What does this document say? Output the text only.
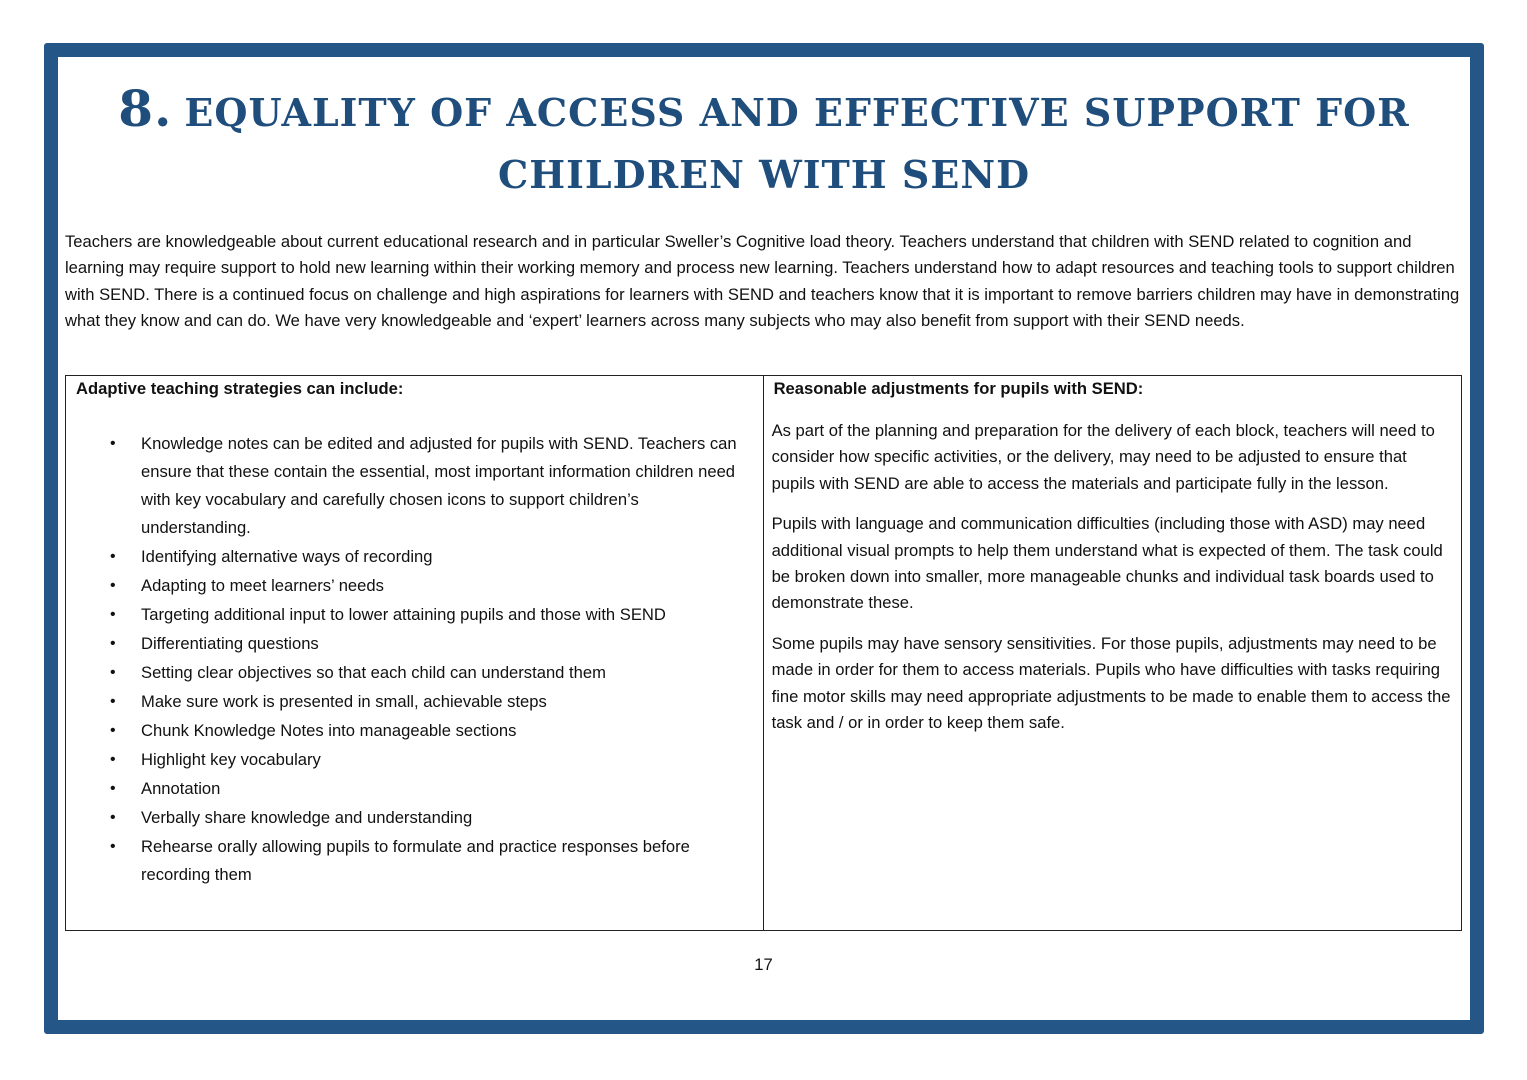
8. EQUALITY OF ACCESS AND EFFECTIVE SUPPORT FOR
CHILDREN WITH SEND
Teachers are knowledgeable about current educational research and in particular Sweller’s Cognitive load theory. Teachers understand that children with SEND related to cognition and learning may require support to hold new learning within their working memory and process new learning. Teachers understand how to adapt resources and teaching tools to support children with SEND. There is a continued focus on challenge and high aspirations for learners with SEND and teachers know that it is important to remove barriers children may have in demonstrating what they know and can do. We have very knowledgeable and ‘expert’ learners across many subjects who may also benefit from support with their SEND needs.
Adaptive teaching strategies can include:
• Knowledge notes can be edited and adjusted for pupils with SEND. Teachers can ensure that these contain the essential, most important information children need with key vocabulary and carefully chosen icons to support children’s understanding.
• Identifying alternative ways of recording
• Adapting to meet learners’ needs
• Targeting additional input to lower attaining pupils and those with SEND
• Differentiating questions
• Setting clear objectives so that each child can understand them
• Make sure work is presented in small, achievable steps
• Chunk Knowledge Notes into manageable sections
• Highlight key vocabulary
• Annotation
• Verbally share knowledge and understanding
• Rehearse orally allowing pupils to formulate and practice responses before recording them

Reasonable adjustments for pupils with SEND:

As part of the planning and preparation for the delivery of each block, teachers will need to consider how specific activities, or the delivery, may need to be adjusted to ensure that pupils with SEND are able to access the materials and participate fully in the lesson.

Pupils with language and communication difficulties (including those with ASD) may need additional visual prompts to help them understand what is expected of them. The task could be broken down into smaller, more manageable chunks and individual task boards used to demonstrate these.

Some pupils may have sensory sensitivities. For those pupils, adjustments may need to be made in order for them to access materials. Pupils who have difficulties with tasks requiring fine motor skills may need appropriate adjustments to be made to enable them to access the task and / or in order to keep them safe.

17
